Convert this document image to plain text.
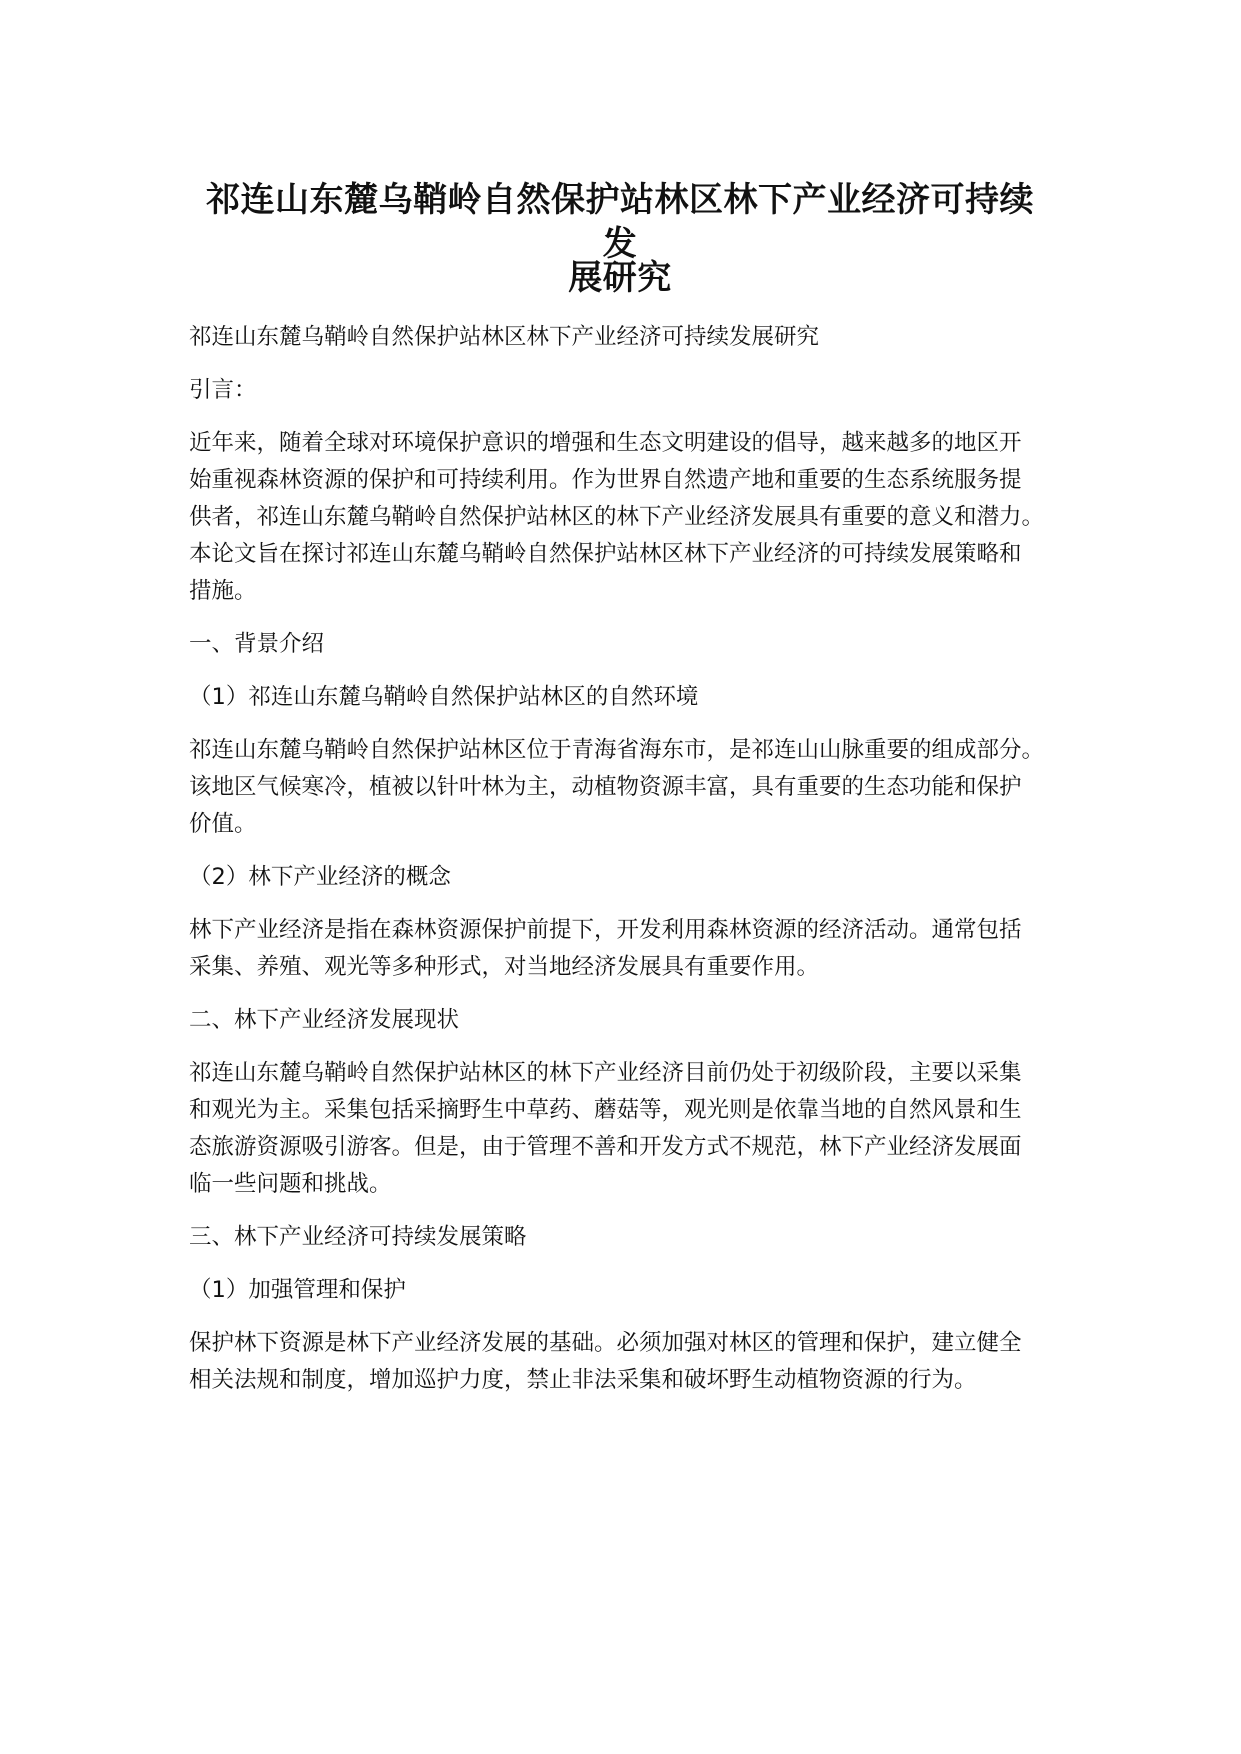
祁连山东麓乌鞘岭自然保护站林区林下产业经济可持续发
展研究

祁连山东麓乌鞘岭自然保护站林区林下产业经济可持续发展研究

引言：

近年来，随着全球对环境保护意识的增强和生态文明建设的倡导，越来越多的地区开

始重视森林资源的保护和可持续利用。作为世界自然遗产地和重要的生态系统服务提

供者，祁连山东麓乌鞘岭自然保护站林区的林下产业经济发展具有重要的意义和潜力。

本论文旨在探讨祁连山东麓乌鞘岭自然保护站林区林下产业经济的可持续发展策略和

措施。

一、背景介绍

（1）祁连山东麓乌鞘岭自然保护站林区的自然环境

祁连山东麓乌鞘岭自然保护站林区位于青海省海东市，是祁连山山脉重要的组成部分。

该地区气候寒冷，植被以针叶林为主，动植物资源丰富，具有重要的生态功能和保护

价值。

（2）林下产业经济的概念

林下产业经济是指在森林资源保护前提下，开发利用森林资源的经济活动。通常包括

采集、养殖、观光等多种形式，对当地经济发展具有重要作用。

二、林下产业经济发展现状

祁连山东麓乌鞘岭自然保护站林区的林下产业经济目前仍处于初级阶段，主要以采集

和观光为主。采集包括采摘野生中草药、蘑菇等，观光则是依靠当地的自然风景和生

态旅游资源吸引游客。但是，由于管理不善和开发方式不规范，林下产业经济发展面

临一些问题和挑战。

三、林下产业经济可持续发展策略

（1）加强管理和保护

保护林下资源是林下产业经济发展的基础。必须加强对林区的管理和保护，建立健全

相关法规和制度，增加巡护力度，禁止非法采集和破坏野生动植物资源的行为。
